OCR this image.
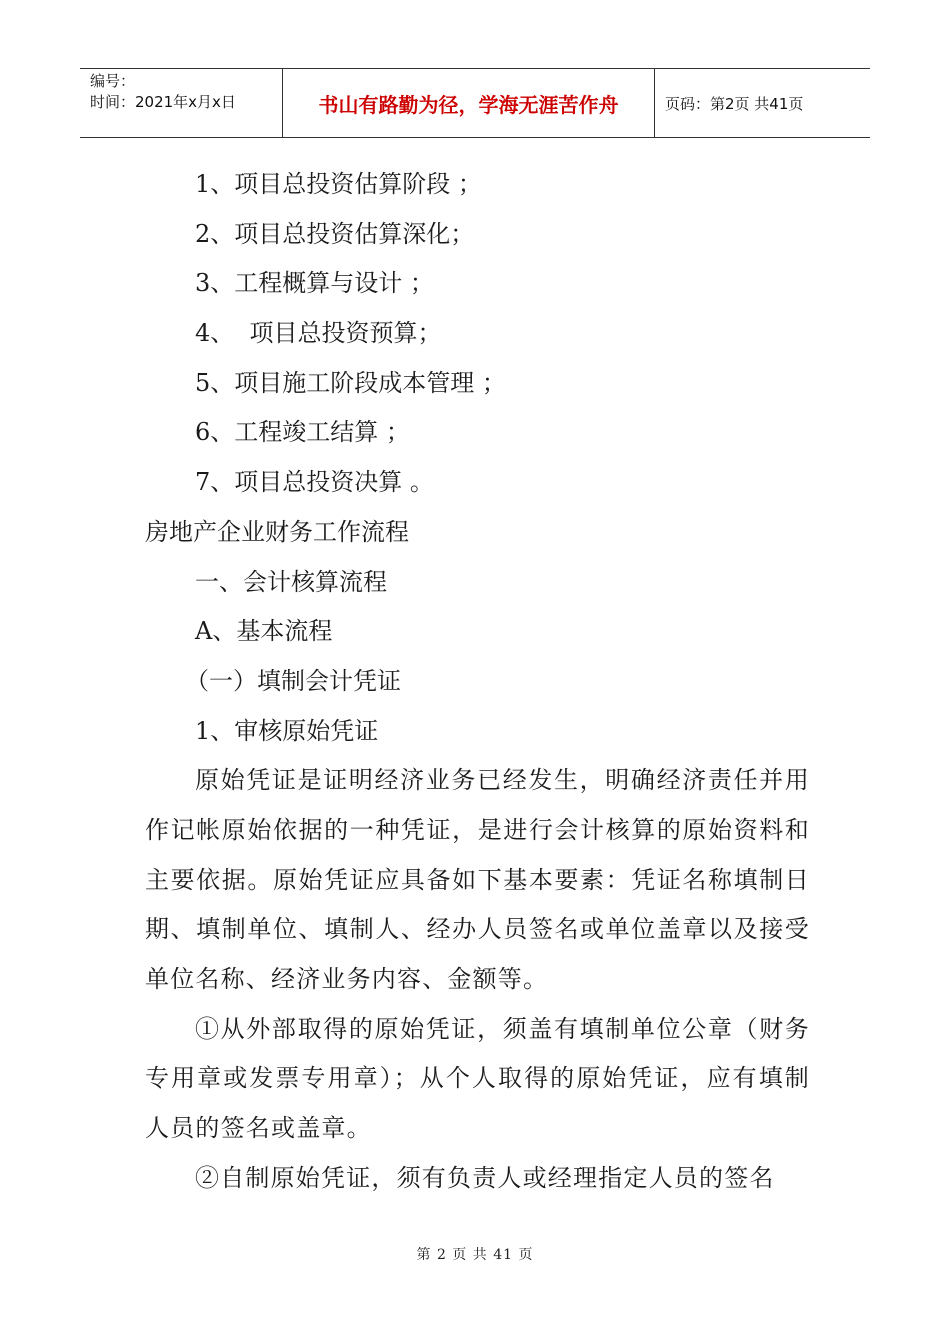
编号：
时间：2021年x月x日	书山有路勤为径，学海无涯苦作舟	页码：第2页 共41页

1、项目总投资估算阶段 ；

2、项目总投资估算深化；

3、工程概算与设计 ；

4、  项目总投资预算；

5、项目施工阶段成本管理 ；

6、工程竣工结算 ；

7、项目总投资决算 。

房地产企业财务工作流程

一、会计核算流程

A、基本流程

（一）填制会计凭证

1、审核原始凭证

原始凭证是证明经济业务已经发生，明确经济责任并用作记帐原始依据的一种凭证，是进行会计核算的原始资料和主要依据。原始凭证应具备如下基本要素：凭证名称填制日期、填制单位、填制人、经办人员签名或单位盖章以及接受单位名称、经济业务内容、金额等。

①从外部取得的原始凭证，须盖有填制单位公章（财务专用章或发票专用章）；从个人取得的原始凭证，应有填制人员的签名或盖章。

②自制原始凭证，须有负责人或经理指定人员的签名

第 2 页 共 41 页
